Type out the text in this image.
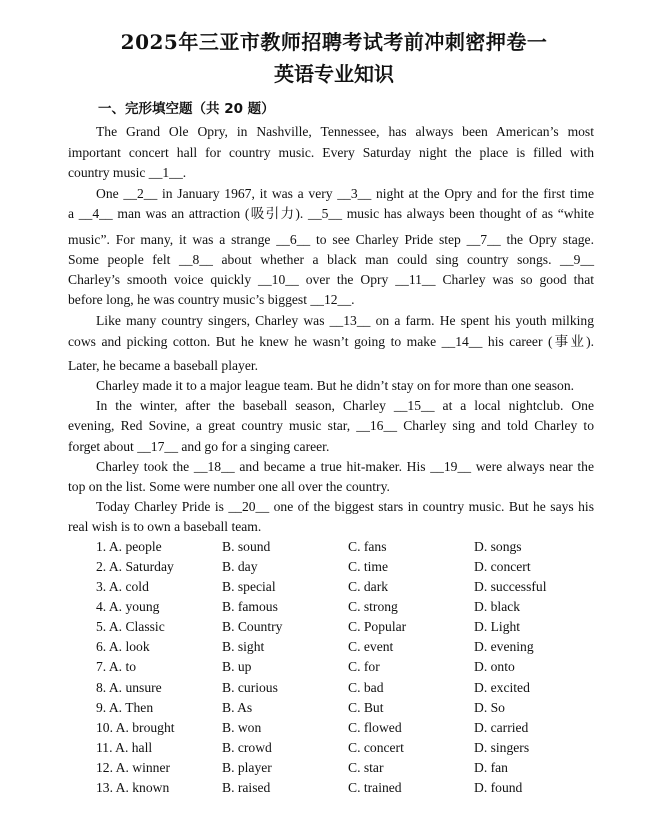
2025年三亚市教师招聘考试考前冲刺密押卷一
英语专业知识
一、完形填空题（共 20 题）
The Grand Ole Opry, in Nashville, Tennessee, has always been American’s most
important concert hall for country music. Every Saturday night the place is filled with
country music __1__.
One __2__ in January 1967, it was a very __3__ night at the Opry and for the first time
a __4__ man was an attraction (吸引力). __5__ music has always been thought of as “white
music”. For many, it was a strange __6__ to see Charley Pride step __7__ the Opry stage.
Some people felt __8__ about whether a black man could sing country songs. __9__
Charley’s smooth voice quickly __10__ over the Opry __11__ Charley was so good that
before long, he was country music’s biggest __12__.
Like many country singers, Charley was __13__ on a farm. He spent his youth milking
cows and picking cotton. But he knew he wasn’t going to make __14__ his career (事业).
Later, he became a baseball player.
Charley made it to a major league team. But he didn’t stay on for more than one season.
In the winter, after the baseball season, Charley __15__ at a local nightclub. One
evening, Red Sovine, a great country music star, __16__ Charley sing and told Charley to
forget about __17__ and go for a singing career.
Charley took the __18__ and became a true hit-maker. His __19__ were always near the
top on the list. Some were number one all over the country.
Today Charley Pride is __20__ one of the biggest stars in country music. But he says his
real wish is to own a baseball team.
1. A. people	B. sound	C. fans	D. songs
2. A. Saturday	B. day	C. time	D. concert
3. A. cold	B. special	C. dark	D. successful
4. A. young	B. famous	C. strong	D. black
5. A. Classic	B. Country	C. Popular	D. Light
6. A. look	B. sight	C. event	D. evening
7. A. to	B. up	C. for	D. onto
8. A. unsure	B. curious	C. bad	D. excited
9. A. Then	B. As	C. But	D. So
10. A. brought	B. won	C. flowed	D. carried
11. A. hall	B. crowd	C. concert	D. singers
12. A. winner	B. player	C. star	D. fan
13. A. known	B. raised	C. trained	D. found
